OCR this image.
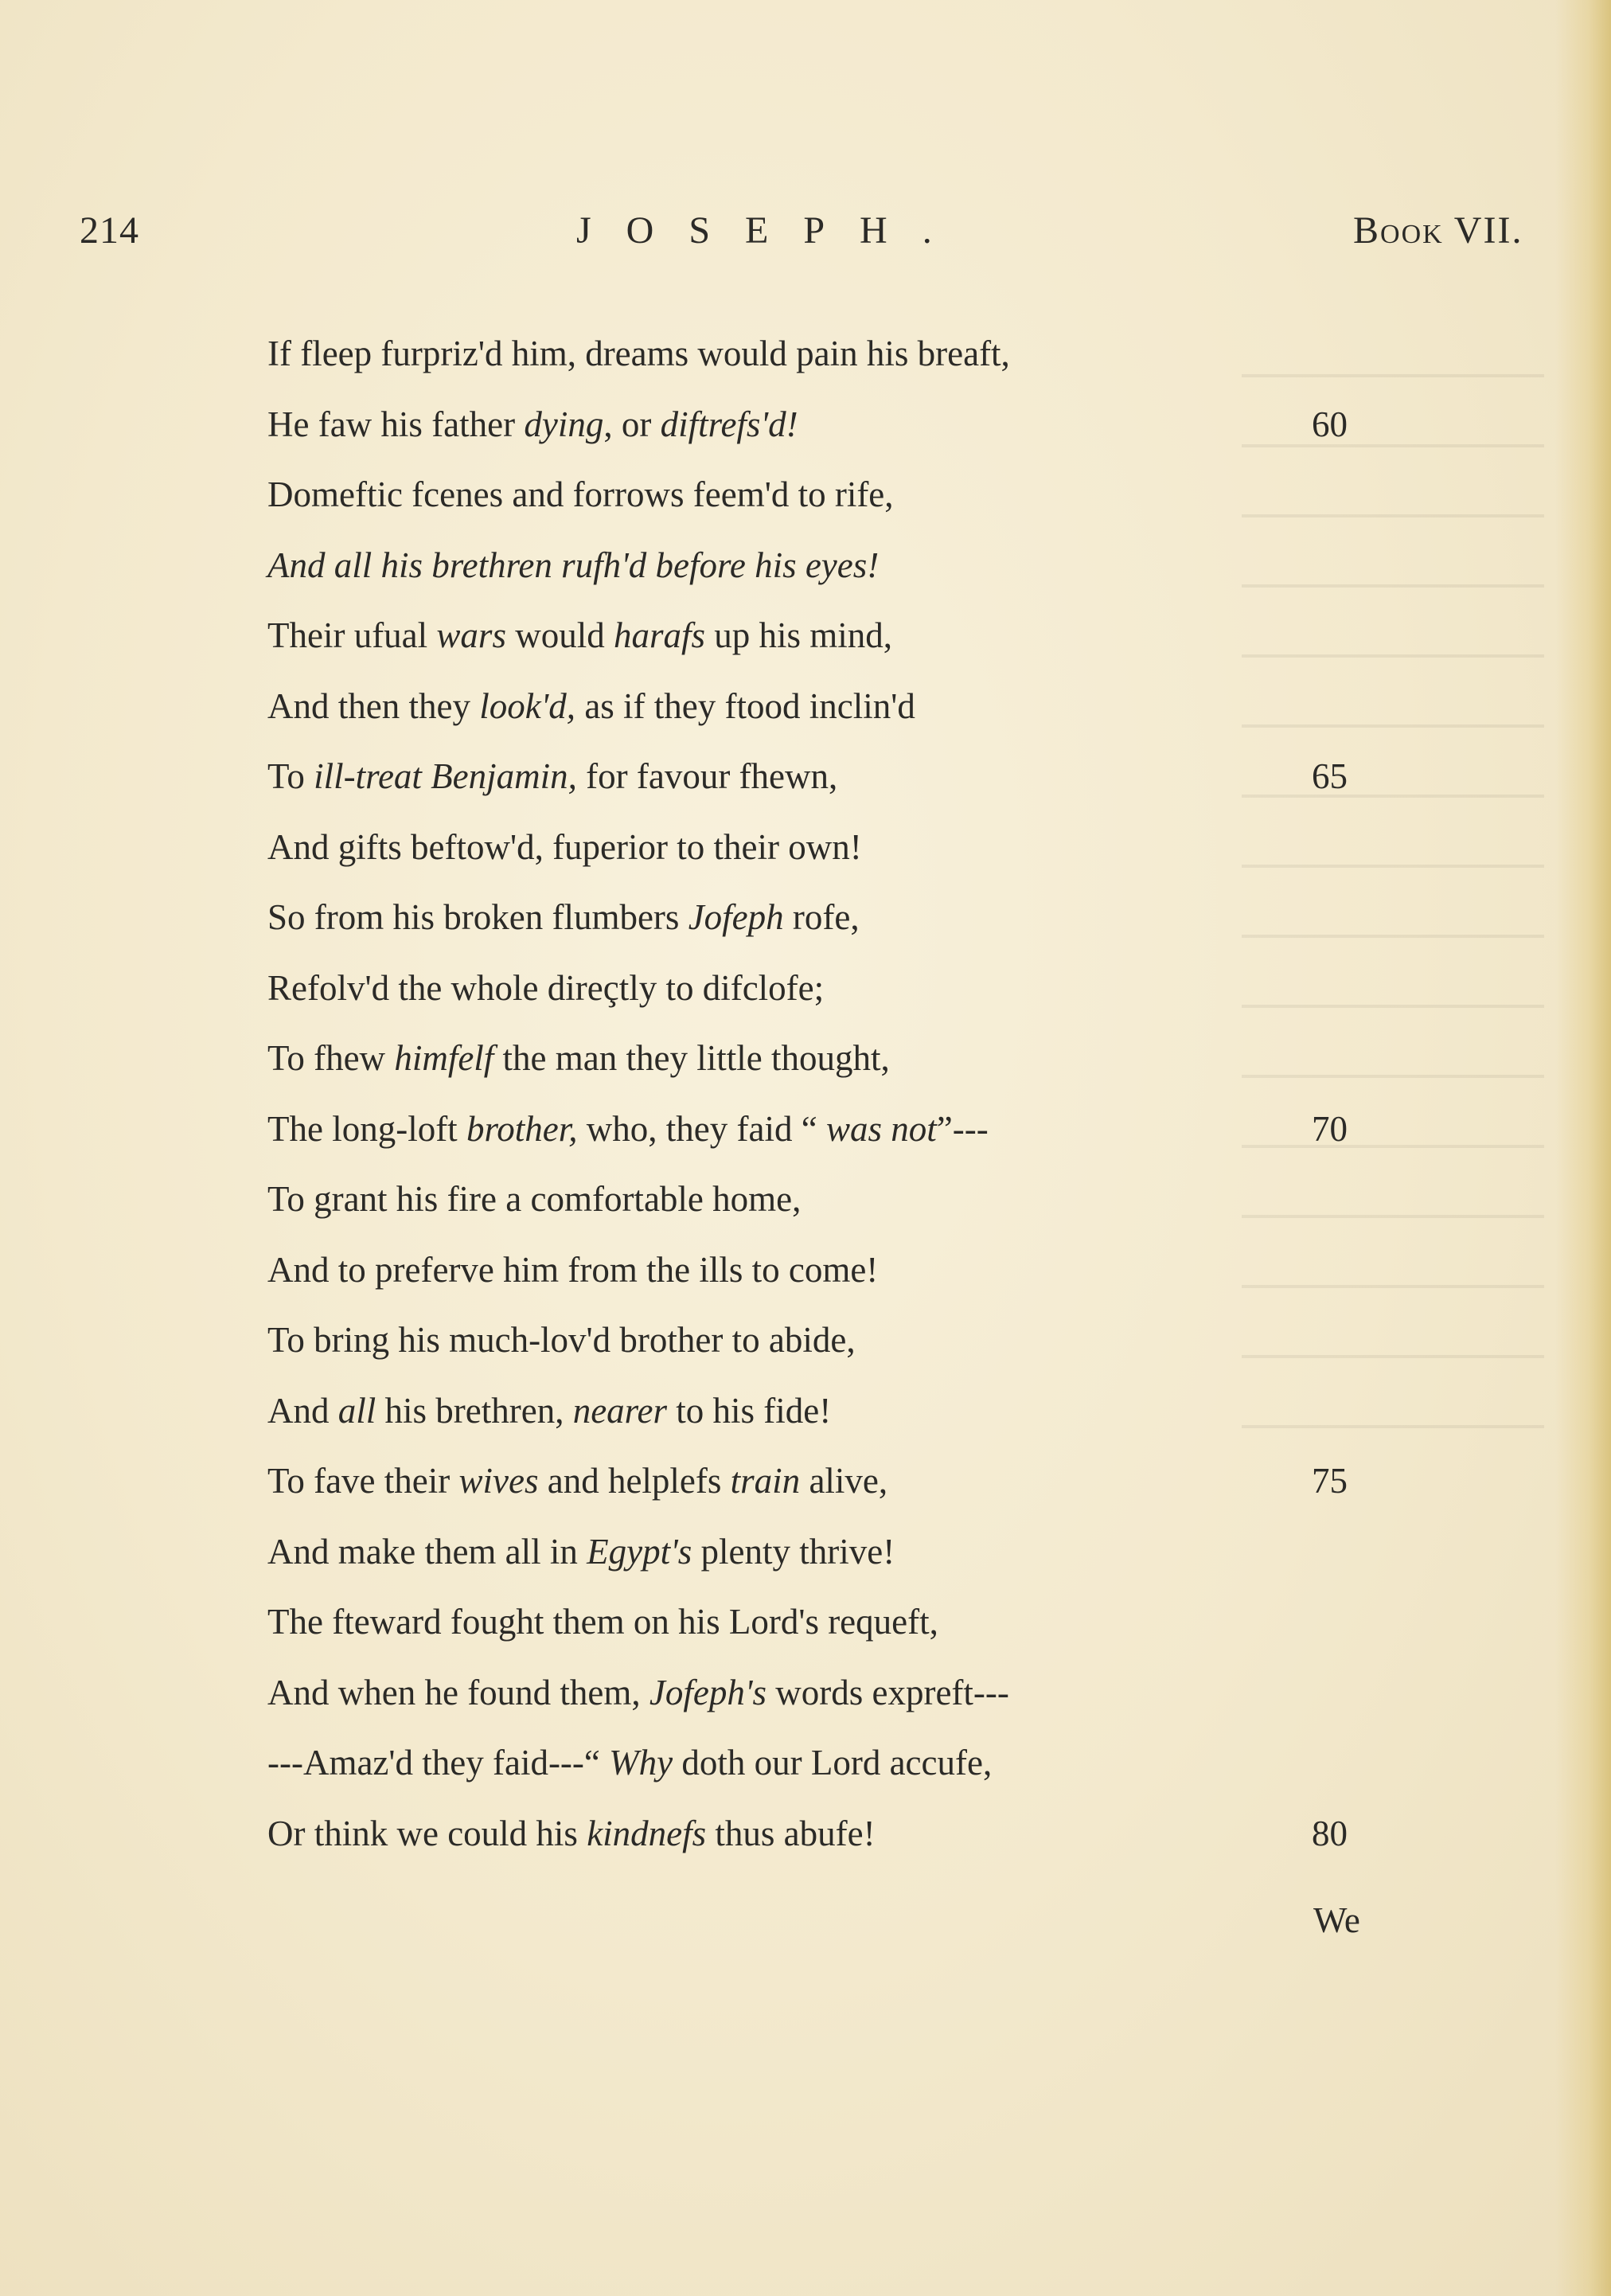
214	JOSEPH.	Book VII.
If fleep furpriz'd him, dreams would pain his breaft,
He faw his father dying, or diftrefs'd!	60
Domeftic fcenes and forrows feem'd to rife,
And all his brethren rufh'd before his eyes!
Their ufual wars would harafs up his mind,
And then they look'd, as if they ftood inclin'd
To ill-treat Benjamin, for favour fhewn,	65
And gifts beftow'd, fuperior to their own!
So from his broken flumbers Jofeph rofe,
Refolv'd the whole direçtly to difclofe;
To fhew himfelf the man they little thought,
The long-loft brother, who, they faid “ was not”---	70
To grant his fire a comfortable home,
And to preferve him from the ills to come!
To bring his much-lov'd brother to abide,
And all his brethren, nearer to his fide!
To fave their wives and helplefs train alive,	75
And make them all in Egypt's plenty thrive!
The fteward fought them on his Lord's requeft,
And when he found them, Jofeph's words expreft---
---Amaz'd they faid---“ Why doth our Lord accufe,
Or think we could his kindnefs thus abufe!	80
We
